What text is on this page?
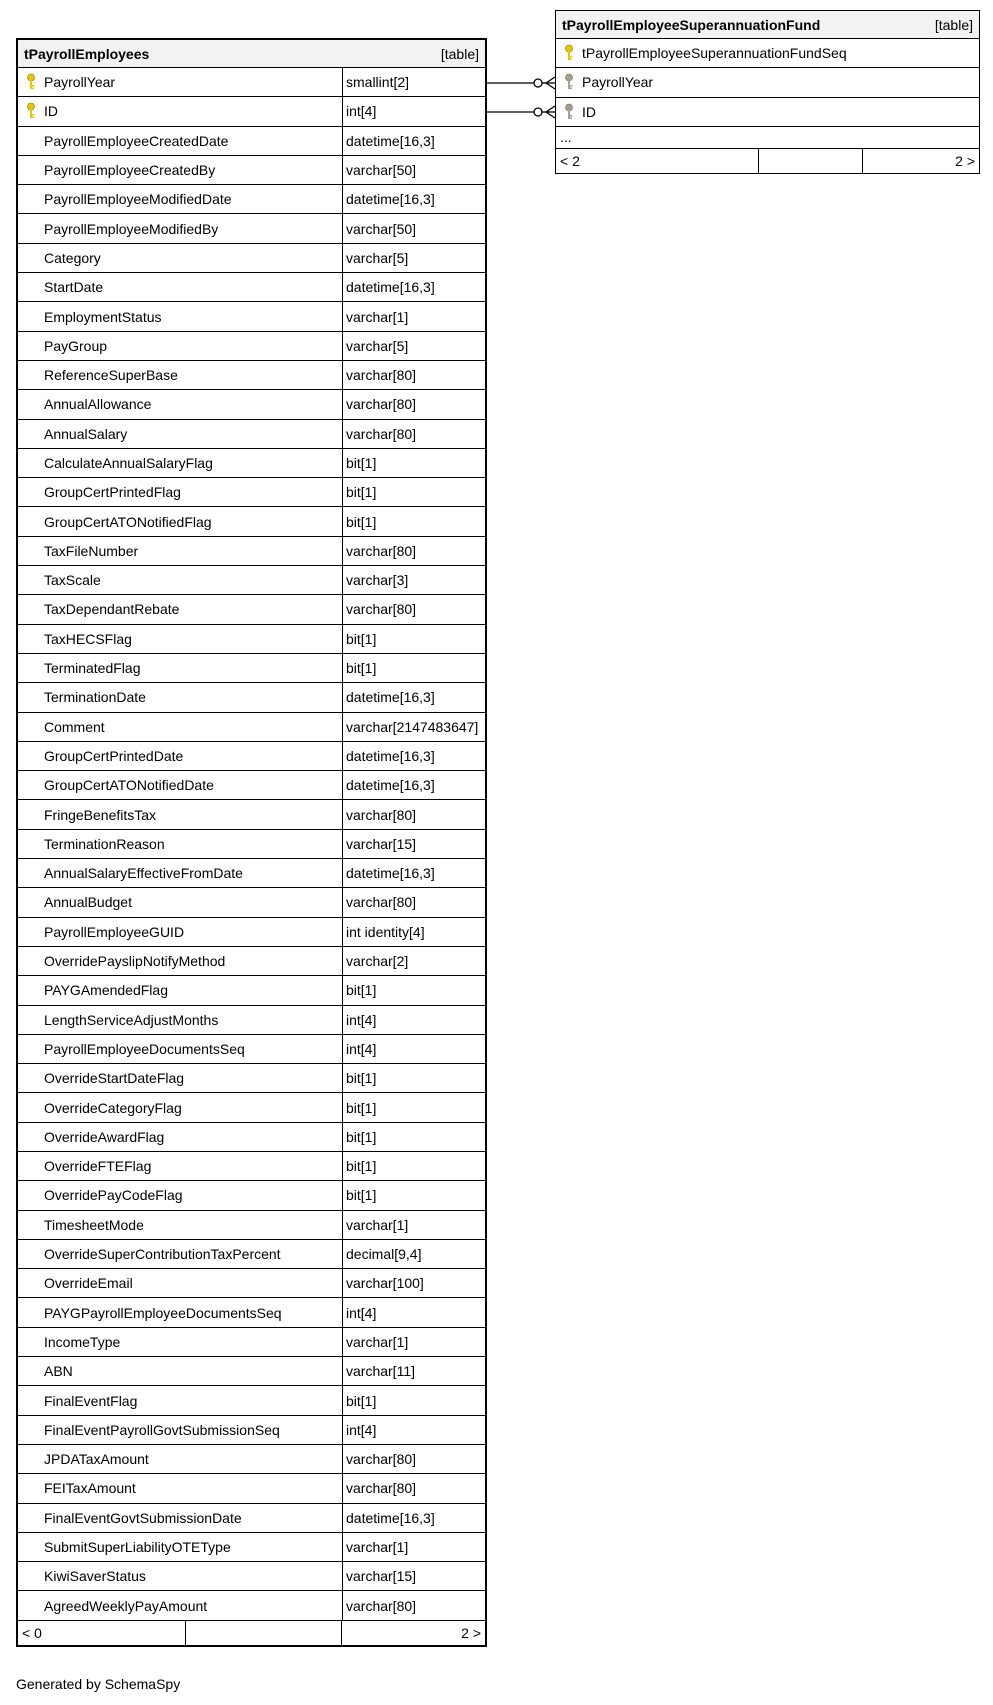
tPayrollEmployees	[table]
PayrollYear	smallint[2]
ID	int[4]
PayrollEmployeeCreatedDate	datetime[16,3]
PayrollEmployeeCreatedBy	varchar[50]
PayrollEmployeeModifiedDate	datetime[16,3]
PayrollEmployeeModifiedBy	varchar[50]
Category	varchar[5]
StartDate	datetime[16,3]
EmploymentStatus	varchar[1]
PayGroup	varchar[5]
ReferenceSuperBase	varchar[80]
AnnualAllowance	varchar[80]
AnnualSalary	varchar[80]
CalculateAnnualSalaryFlag	bit[1]
GroupCertPrintedFlag	bit[1]
GroupCertATONotifiedFlag	bit[1]
TaxFileNumber	varchar[80]
TaxScale	varchar[3]
TaxDependantRebate	varchar[80]
TaxHECSFlag	bit[1]
TerminatedFlag	bit[1]
TerminationDate	datetime[16,3]
Comment	varchar[2147483647]
GroupCertPrintedDate	datetime[16,3]
GroupCertATONotifiedDate	datetime[16,3]
FringeBenefitsTax	varchar[80]
TerminationReason	varchar[15]
AnnualSalaryEffectiveFromDate	datetime[16,3]
AnnualBudget	varchar[80]
PayrollEmployeeGUID	int identity[4]
OverridePayslipNotifyMethod	varchar[2]
PAYGAmendedFlag	bit[1]
LengthServiceAdjustMonths	int[4]
PayrollEmployeeDocumentsSeq	int[4]
OverrideStartDateFlag	bit[1]
OverrideCategoryFlag	bit[1]
OverrideAwardFlag	bit[1]
OverrideFTEFlag	bit[1]
OverridePayCodeFlag	bit[1]
TimesheetMode	varchar[1]
OverrideSuperContributionTaxPercent	decimal[9,4]
OverrideEmail	varchar[100]
PAYGPayrollEmployeeDocumentsSeq	int[4]
IncomeType	varchar[1]
ABN	varchar[11]
FinalEventFlag	bit[1]
FinalEventPayrollGovtSubmissionSeq	int[4]
JPDATaxAmount	varchar[80]
FEITaxAmount	varchar[80]
FinalEventGovtSubmissionDate	datetime[16,3]
SubmitSuperLiabilityOTEType	varchar[1]
KiwiSaverStatus	varchar[15]
AgreedWeeklyPayAmount	varchar[80]
< 0	2 >
tPayrollEmployeeSuperannuationFund	[table]
tPayrollEmployeeSuperannuationFundSeq
PayrollYear
ID
...
< 2	2 >
Generated by SchemaSpy
